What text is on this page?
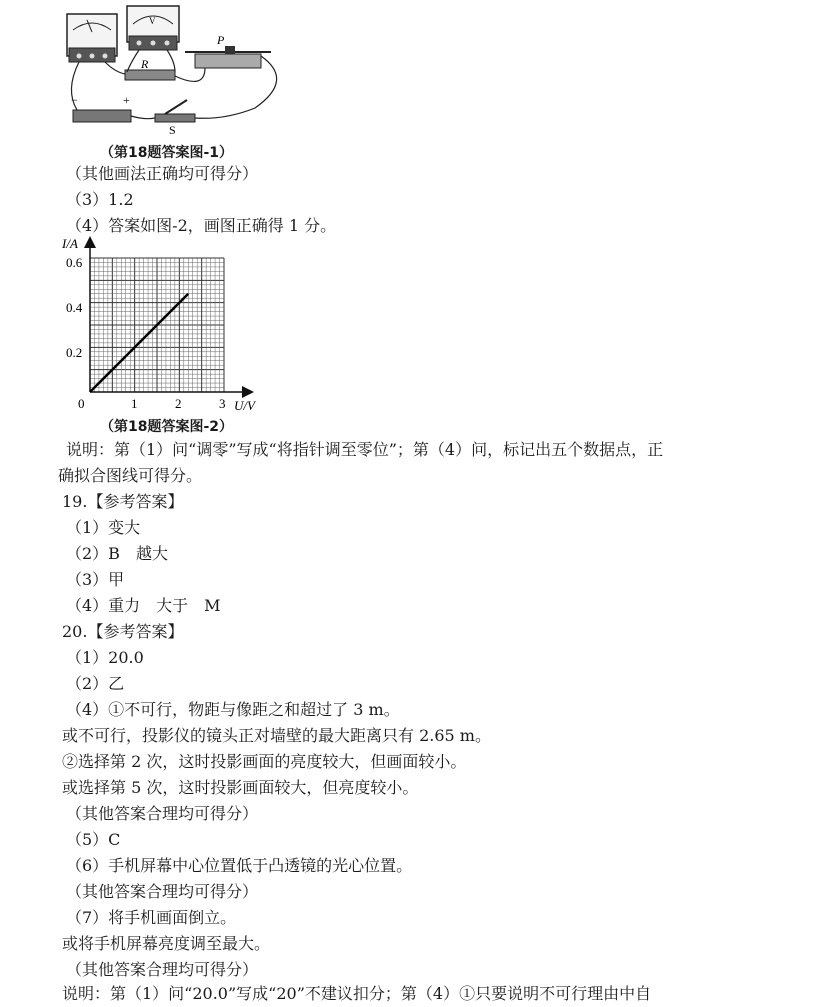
V
R
P
−	+
S
（第18题答案图-1）
（其他画法正确均可得分）
（3）1.2
（4）答案如图-2，画图正确得 1 分。
I/A
U/V
0
0.2
0.4
0.6
1	2	3
（第18题答案图-2）
说明：第（1）问“调零”写成“将指针调至零位”；第（4）问，标记出五个数据点，正
确拟合图线可得分。
19.【参考答案】
（1）变大
（2）B　越大
（3）甲
（4）重力　大于　M
20.【参考答案】
（1）20.0
（2）乙
（4）①不可行，物距与像距之和超过了 3 m。
或不可行，投影仪的镜头正对墙壁的最大距离只有 2.65 m。
②选择第 2 次，这时投影画面的亮度较大，但画面较小。
或选择第 5 次，这时投影画面较大，但亮度较小。
（其他答案合理均可得分）
（5）C
（6）手机屏幕中心位置低于凸透镜的光心位置。
（其他答案合理均可得分）
（7）将手机画面倒立。
或将手机屏幕亮度调至最大。
（其他答案合理均可得分）
说明：第（1）问“20.0”写成“20”不建议扣分；第（4）①只要说明不可行理由中自
